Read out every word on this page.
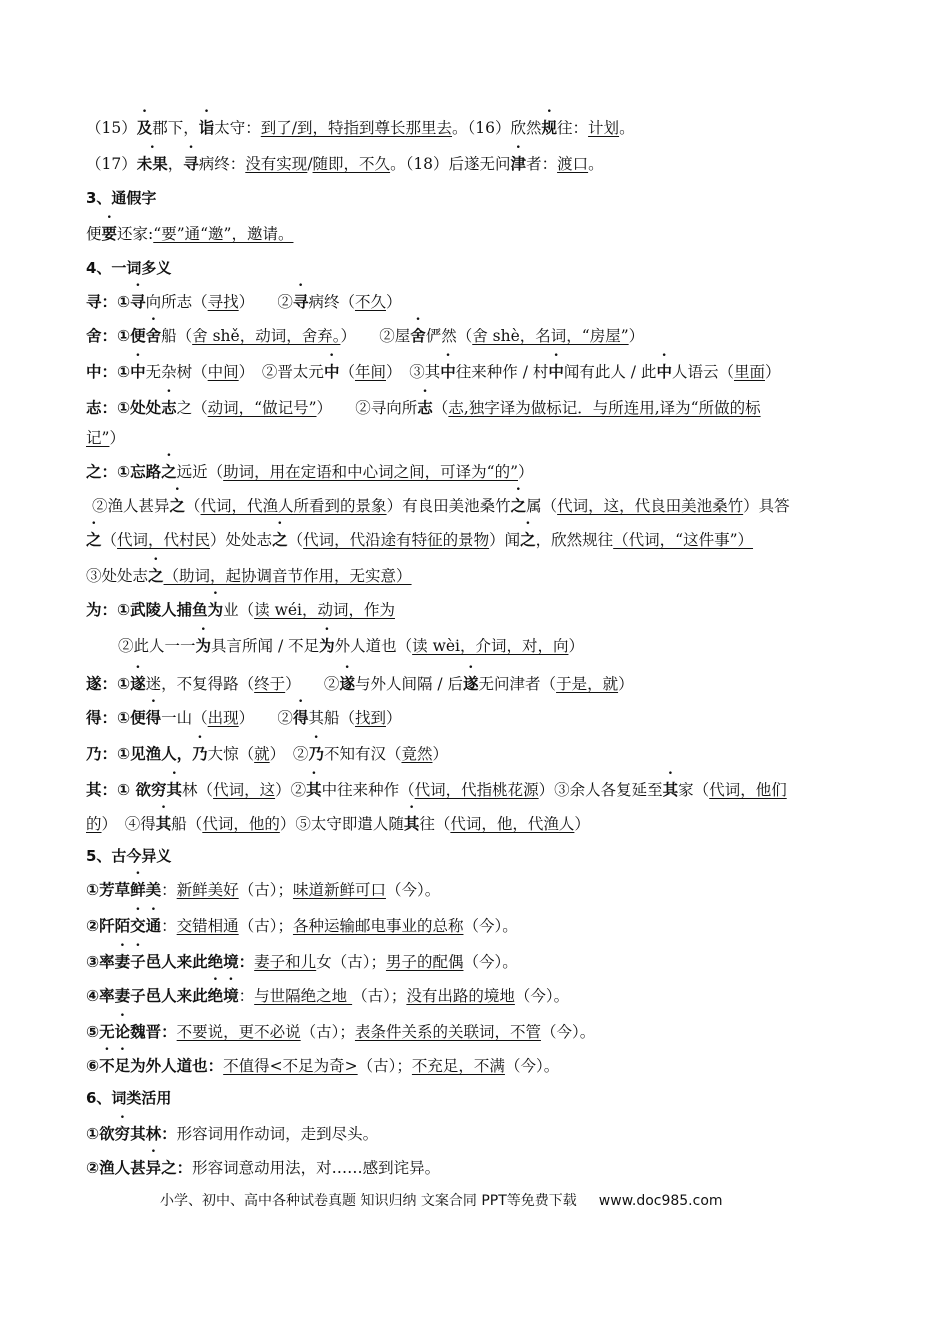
（15）及郡下，诣太守：到了/到，特指到尊长那里去。（16）欣然规往：计划。
（17）未果，寻病终：没有实现/随即，不久。（18）后遂无问津者：渡口。
3、通假字
便要还家:“要”通“邀”，邀请。
4、一词多义
寻：①寻向所志（寻找）　　②寻病终（不久）
舍：①便舍船（舍 shě，动词，舍弃。）　　②屋舍俨然（舍 shè，名词，“房屋”）
中：①中无杂树（中间）　②晋太元中（年间）　③其中往来种作 / 村中闻有此人 / 此中人语云（里面）
志：①处处志之（动词，“做记号”）　　②寻向所志（志,独字译为做标记．与所连用,译为“所做的标
记”）
之：①忘路之远近（助词，用在定语和中心词之间，可译为“的”）
②渔人甚异之（代词，代渔人所看到的景象）有良田美池桑竹之属（代词，这，代良田美池桑竹）具答
之（代词，代村民）处处志之（代词，代沿途有特征的景物）闻之，欣然规往（代词，“这件事”）
③处处志之（助词，起协调音节作用，无实意）
为：①武陵人捕鱼为业（读 wéi，动词，作为
②此人一一为具言所闻 / 不足为外人道也（读 wèi，介词，对，向）
遂：①遂迷，不复得路（终于）　　②遂与外人间隔 / 后遂无问津者（于是，就）
得：①便得一山（出现）　　②得其船（找到）
乃：①见渔人，乃大惊（就）　②乃不知有汉（竟然）
其：① 欲穷其林（代词，这）②其中往来种作（代词，代指桃花源）③余人各复延至其家（代词，他们
的）　④得其船（代词，他的）⑤太守即遣人随其往（代词，他，代渔人）
5、古今异义
①芳草鲜美：新鲜美好（古）；味道新鲜可口（今）。
②阡陌交通：交错相通（古）；各种运输邮电事业的总称（今）。
③率妻子邑人来此绝境：妻子和儿女（古）；男子的配偶（今）。
④率妻子邑人来此绝境：与世隔绝之地 （古）；没有出路的境地（今）。
⑤无论魏晋：不要说，更不必说（古）；表条件关系的关联词，不管（今）。
⑥不足为外人道也：不值得<不足为奇>（古）；不充足，不满（今）。
6、词类活用
①欲穷其林：形容词用作动词，走到尽头。
②渔人甚异之：形容词意动用法，对……感到诧异。
小学、初中、高中各种试卷真题 知识归纳 文案合同 PPT等免费下载 www.doc985.com
